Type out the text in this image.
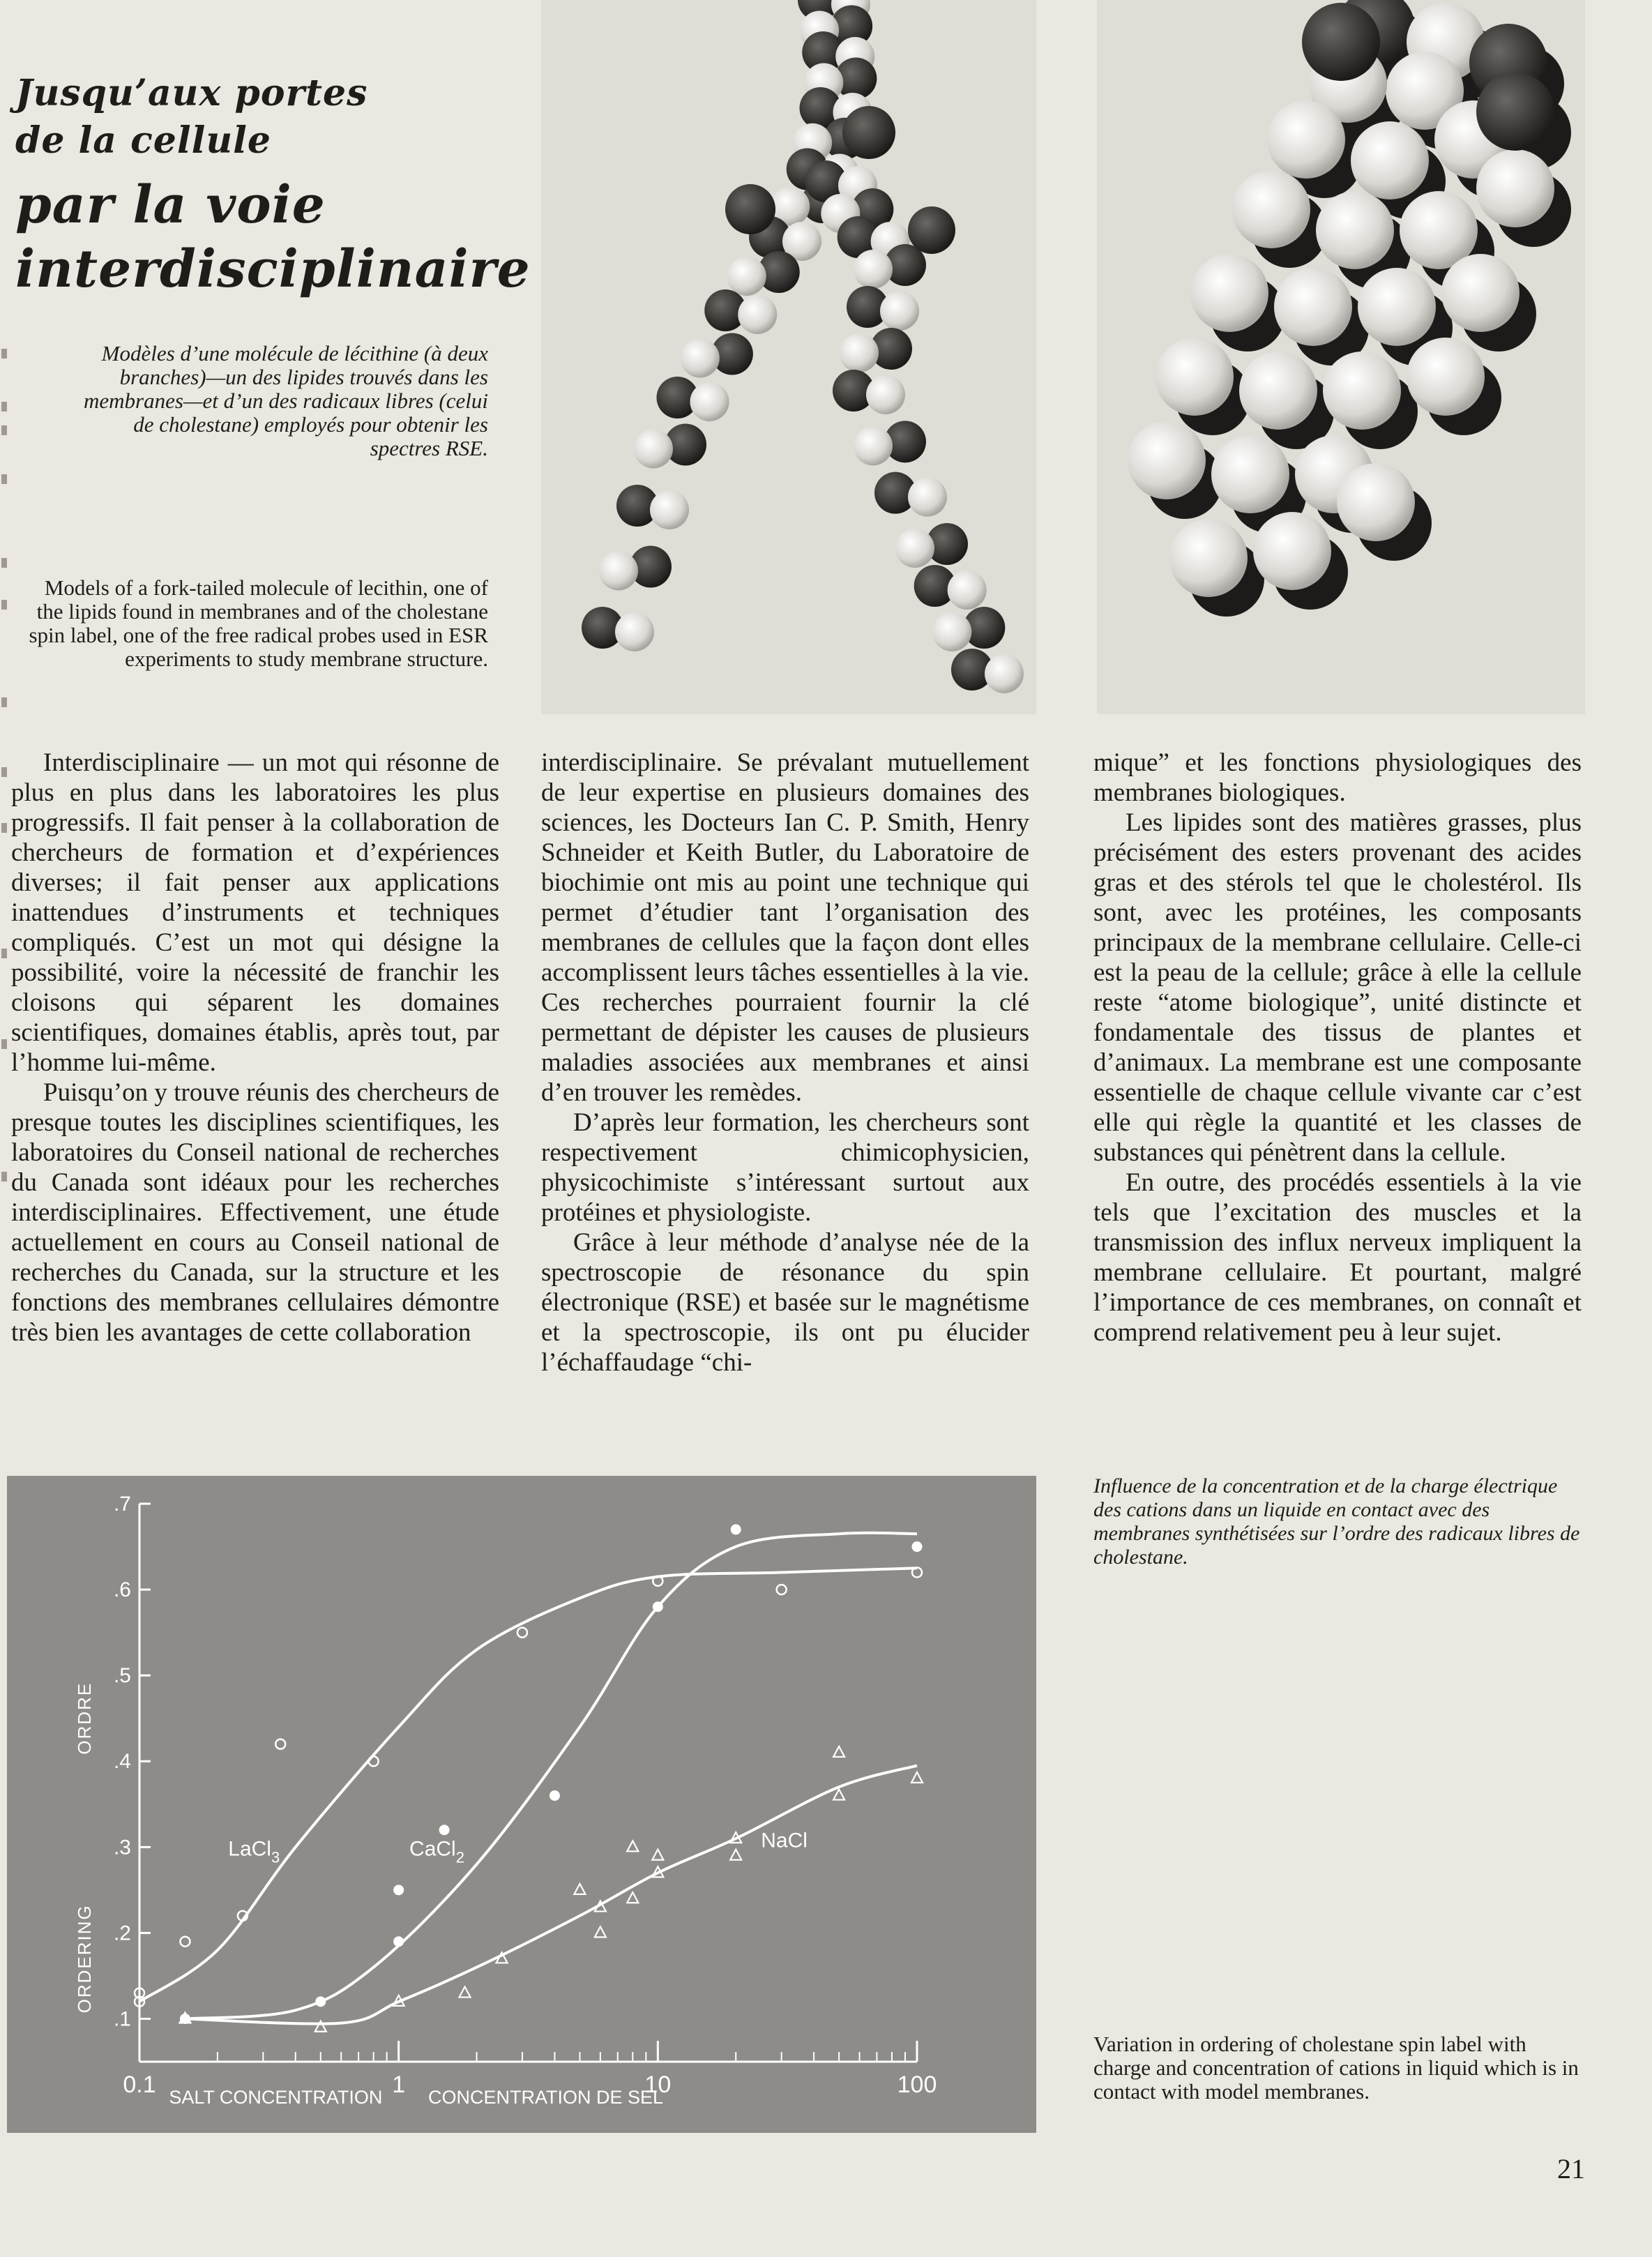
Jusqu’aux portes

de la cellule

par la voie

interdisciplinaire

Modèles d’une molécule de lécithine (à deux branches)—un des lipides trouvés dans les membranes—et d’un des radicaux libres (celui de cholestane) employés pour obtenir les spectres RSE.
Models of a fork-tailed molecule of lecithin, one of the lipids found in membranes and of the cholestane spin label, one of the free radical probes used in ESR experiments to study membrane structure.

Interdisciplinaire — un mot qui résonne de plus en plus dans les laboratoires les plus progressifs. Il fait penser à la collaboration de chercheurs de formation et d’expériences diverses; il fait penser aux applications inattendues d’instruments et techniques compliqués. C’est un mot qui désigne la possibilité, voire la nécessité de franchir les cloisons qui séparent les domaines scientifiques, domaines établis, après tout, par l’homme lui-même.

Puisqu’on y trouve réunis des chercheurs de presque toutes les disciplines scientifiques, les laboratoires du Conseil national de recherches du Canada sont idéaux pour les recherches interdisciplinaires. Effectivement, une étude actuellement en cours au Conseil national de recherches du Canada, sur la structure et les fonctions des membranes cellulaires démontre très bien les avantages de cette collaboration

interdisciplinaire. Se prévalant mutuellement de leur expertise en plusieurs domaines des sciences, les Docteurs Ian C. P. Smith, Henry Schneider et Keith Butler, du Laboratoire de biochimie ont mis au point une technique qui permet d’étudier tant l’organisation des membranes de cellules que la façon dont elles accomplissent leurs tâches essentielles à la vie. Ces recherches pourraient fournir la clé permettant de dépister les causes de plusieurs maladies associées aux membranes et ainsi d’en trouver les remèdes.

D’après leur formation, les chercheurs sont respectivement chimicophysicien, physicochimiste s’intéressant surtout aux protéines et physiologiste.

Grâce à leur méthode d’analyse née de la spectroscopie de résonance du spin électronique (RSE) et basée sur le magnétisme et la spectroscopie, ils ont pu élucider l’échaffaudage “chi-

mique” et les fonctions physiologiques des membranes biologiques.

Les lipides sont des matières grasses, plus précisément des esters provenant des acides gras et des stérols tel que le cholestérol. Ils sont, avec les protéines, les composants principaux de la membrane cellulaire. Celle-ci est la peau de la cellule; grâce à elle la cellule reste “atome biologique”, unité distincte et fondamentale des tissus de plantes et d’animaux. La membrane est une composante essentielle de chaque cellule vivante car c’est elle qui règle la quantité et les classes de substances qui pénètrent dans la cellule.

En outre, des procédés essentiels à la vie tels que l’excitation des muscles et la transmission des influx nerveux impliquent la membrane cellulaire. Et pourtant, malgré l’importance de ces membranes, on connaît et comprend relativement peu à leur sujet.

.1
.2
.3
.4
.5
.6
.7
0.1	1	10	100
ORDERING
ORDRE
SALT CONCENTRATION CONCENTRATION DE SEL
LaCl$_3$	CaCl$_2$
NaCl
Influence de la concentration et de la charge électrique des cations dans un liquide en contact avec des membranes synthétisées sur l’ordre des radicaux libres de cholestane.
Variation in ordering of cholestane spin label with charge and concentration of cations in liquid which is in contact with model membranes.
21
